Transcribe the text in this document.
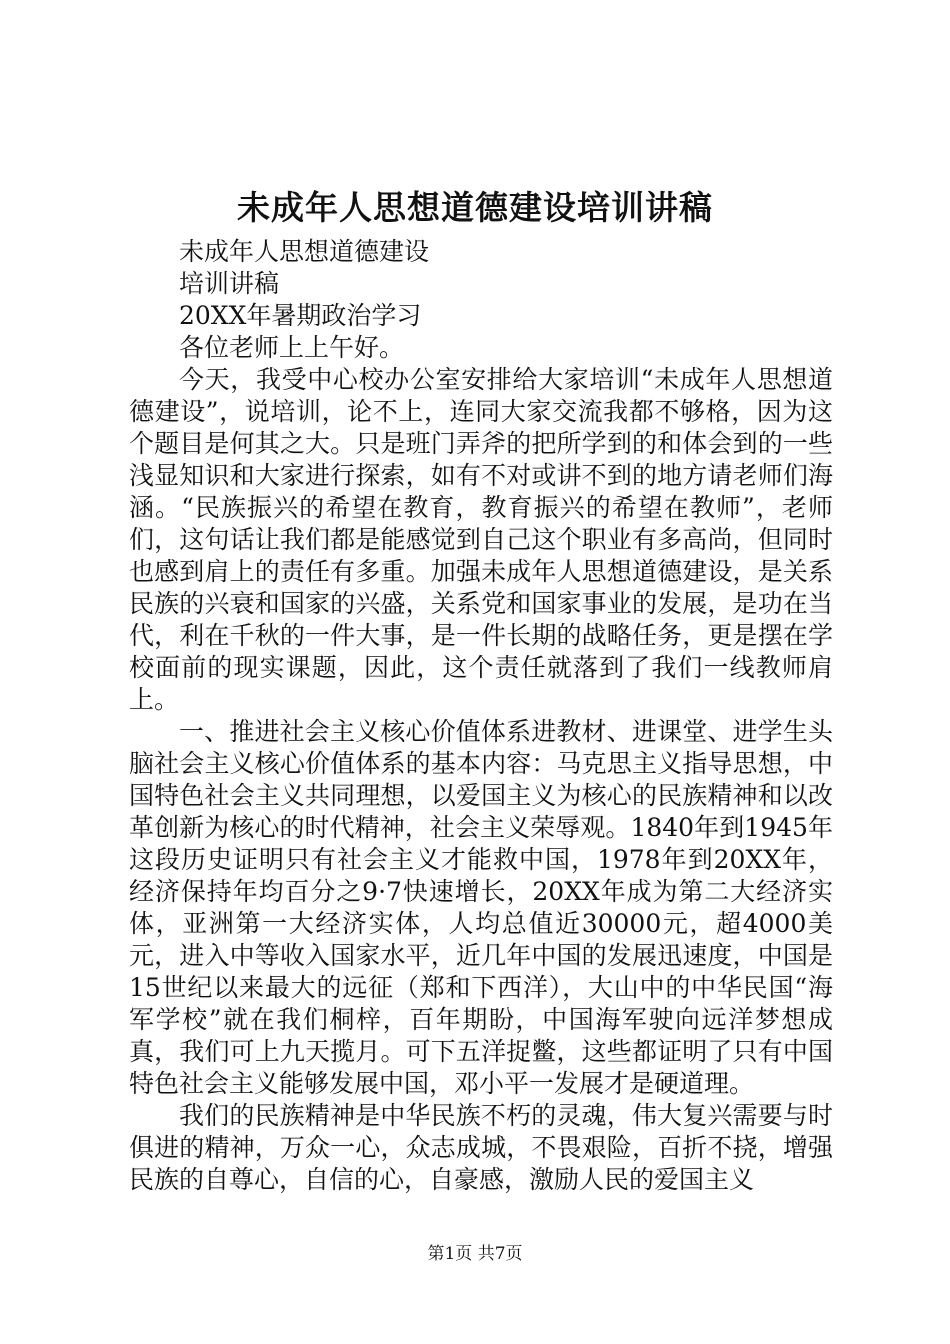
未成年人思想道德建设培训讲稿

未成年人思想道德建设

培训讲稿

20XX年暑期政治学习

各位老师上上午好。

今天，我受中心校办公室安排给大家培训“未成年人思想道德建设”，说培训，论不上，连同大家交流我都不够格，因为这个题目是何其之大。只是班门弄斧的把所学到的和体会到的一些浅显知识和大家进行探索，如有不对或讲不到的地方请老师们海涵。“民族振兴的希望在教育，教育振兴的希望在教师”，老师们，这句话让我们都是能感觉到自己这个职业有多高尚，但同时也感到肩上的责任有多重。加强未成年人思想道德建设，是关系民族的兴衰和国家的兴盛，关系党和国家事业的发展，是功在当代，利在千秋的一件大事，是一件长期的战略任务，更是摆在学校面前的现实课题，因此，这个责任就落到了我们一线教师肩上。

一、推进社会主义核心价值体系进教材、进课堂、进学生头脑社会主义核心价值体系的基本内容：马克思主义指导思想，中国特色社会主义共同理想，以爱国主义为核心的民族精神和以改革创新为核心的时代精神，社会主义荣辱观。1840年到1945年这段历史证明只有社会主义才能救中国，1978年到20XX年，经济保持年均百分之9·7快速增长，20XX年成为第二大经济实体，亚洲第一大经济实体，人均总值近30000元，超4000美元，进入中等收入国家水平，近几年中国的发展迅速度，中国是15世纪以来最大的远征（郑和下西洋），大山中的中华民国“海军学校”就在我们桐梓，百年期盼，中国海军驶向远洋梦想成真，我们可上九天揽月。可下五洋捉鳖，这些都证明了只有中国特色社会主义能够发展中国，邓小平一发展才是硬道理。

我们的民族精神是中华民族不朽的灵魂，伟大复兴需要与时俱进的精神，万众一心，众志成城，不畏艰险，百折不挠，增强民族的自尊心，自信的心，自豪感，激励人民的爱国主义

第1页 共7页
